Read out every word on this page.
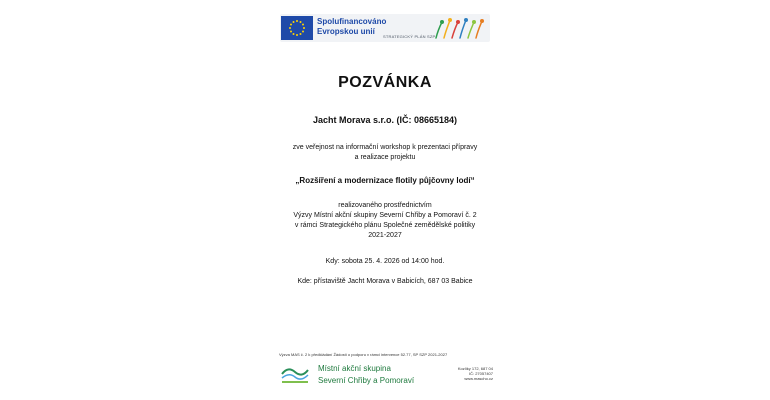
Spolufinancováno
Evropskou unií
STRATEGICKÝ PLÁN SZP
POZVÁNKA
Jacht Morava s.r.o. (IČ: 08665184)
zve veřejnost na informační workshop k prezentaci přípravy
a realizace projektu
„Rozšíření a modernizace flotily půjčovny lodí“
realizovaného prostřednictvím
Výzvy Místní akční skupiny Severní Chřiby a Pomoraví č. 2
v rámci Strategického plánu Společné zemědělské politiky
2021-2027
Kdy: sobota 25. 4. 2026 od 14:00 hod.
Kde: přístaviště Jacht Morava v Babicích, 687 03 Babice
Výzva MAS č. 2 k předkládání Žádostí o podporu v rámci intervence 52.77, SP SZP 2021-2027
Místní akční skupina
Severní Chřiby a Pomoraví
Kozlíky 172, 687 04
IČ: 27057407
www.mascho.cz
